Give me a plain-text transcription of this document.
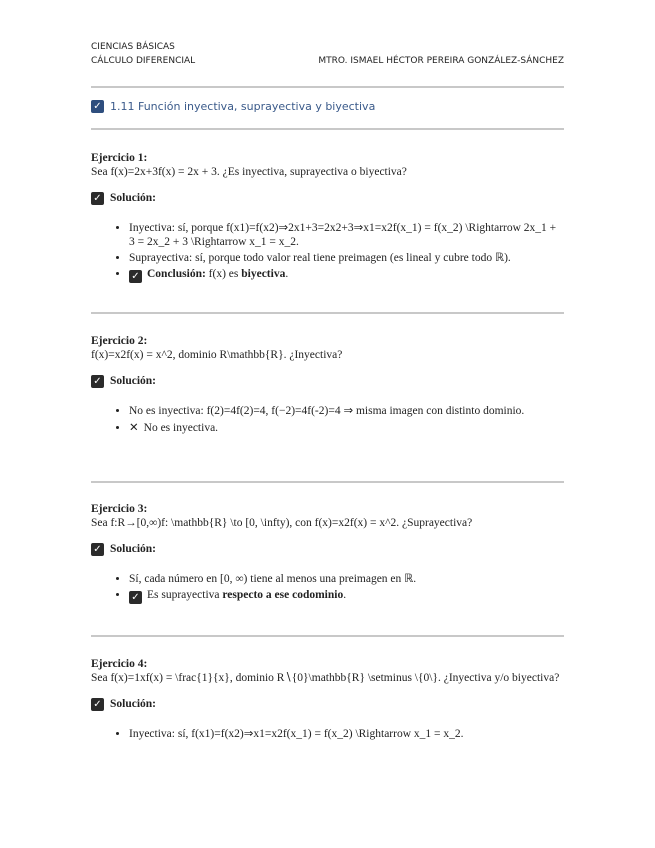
CIENCIAS BÁSICAS
CÁLCULO DIFERENCIAL	MTRO. ISMAEL HÉCTOR PEREIRA GONZÁLEZ-SÁNCHEZ
✓ 1.11 Función inyectiva, suprayectiva y biyectiva
Ejercicio 1:
Sea f(x)=2x+3f(x) = 2x + 3. ¿Es inyectiva, suprayectiva o biyectiva?
✓ Solución:
• Inyectiva: sí, porque f(x1)=f(x2)⇒2x1+3=2x2+3⇒x1=x2f(x_1) = f(x_2) \Rightarrow 2x_1 + 3 = 2x_2 + 3 \Rightarrow x_1 = x_2.
• Suprayectiva: sí, porque todo valor real tiene preimagen (es lineal y cubre todo ℝ).
• ✓ Conclusión: f(x) es biyectiva.
Ejercicio 2:
f(x)=x2f(x) = x^2, dominio R\mathbb{R}. ¿Inyectiva?
✓ Solución:
• No es inyectiva: f(2)=4f(2)=4, f(−2)=4f(-2)=4 ⇒ misma imagen con distinto dominio.
• ✕ No es inyectiva.
Ejercicio 3:
Sea f:R→[0,∞)f: \mathbb{R} \to [0, \infty), con f(x)=x2f(x) = x^2. ¿Suprayectiva?
✓ Solución:
• Sí, cada número en [0, ∞) tiene al menos una preimagen en ℝ.
• ✓ Es suprayectiva respecto a ese codominio.
Ejercicio 4:
Sea f(x)=1xf(x) = \frac{1}{x}, dominio R∖{0}\mathbb{R} \setminus \{0\}. ¿Inyectiva y/o biyectiva?
✓ Solución:
• Inyectiva: sí, f(x1)=f(x2)⇒x1=x2f(x_1) = f(x_2) \Rightarrow x_1 = x_2.
